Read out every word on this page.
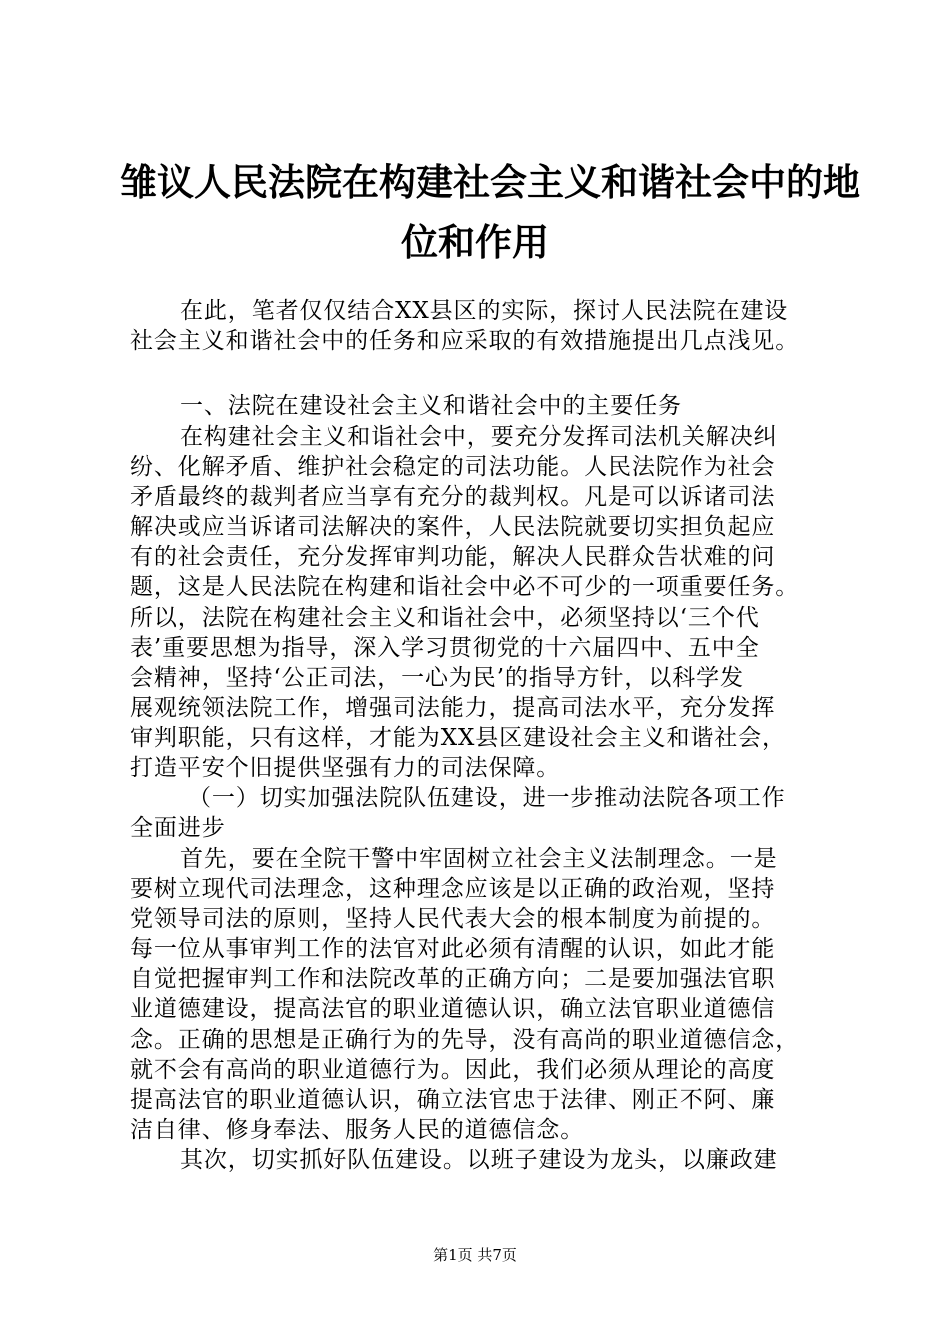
雏议人民法院在构建社会主义和谐社会中的地
位和作用
在此，笔者仅仅结合XX县区的实际，探讨人民法院在建设
社会主义和谐社会中的任务和应采取的有效措施提出几点浅见。
一、法院在建设社会主义和谐社会中的主要任务
在构建社会主义和诣社会中，要充分发挥司法机关解决纠
纷、化解矛盾、维护社会稳定的司法功能。人民法院作为社会
矛盾最终的裁判者应当享有充分的裁判权。凡是可以诉诸司法
解决或应当诉诸司法解决的案件，人民法院就要切实担负起应
有的社会责任，充分发挥审判功能，解决人民群众告状难的问
题，这是人民法院在构建和诣社会中必不可少的一项重要任务。
所以，法院在构建社会主义和诣社会中，必须坚持以‘三个代
表’重要思想为指导，深入学习贯彻党的十六届四中、五中全
会精神，坚持‘公正司法，一心为民’的指导方针，以科学发
展观统领法院工作，增强司法能力，提高司法水平，充分发挥
审判职能，只有这样，才能为XX县区建设社会主义和谐社会，
打造平安个旧提供坚强有力的司法保障。
（一）切实加强法院队伍建设，进一步推动法院各项工作
全面进步
首先，要在全院干警中牢固树立社会主义法制理念。一是
要树立现代司法理念，这种理念应该是以正确的政治观，坚持
党领导司法的原则，坚持人民代表大会的根本制度为前提的。
每一位从事审判工作的法官对此必须有清醒的认识，如此才能
自觉把握审判工作和法院改革的正确方向；二是要加强法官职
业道德建设，提高法官的职业道德认识，确立法官职业道德信
念。正确的思想是正确行为的先导，没有高尚的职业道德信念，
就不会有高尚的职业道德行为。因此，我们必须从理论的高度
提高法官的职业道德认识，确立法官忠于法律、刚正不阿、廉
洁自律、修身奉法、服务人民的道德信念。
其次，切实抓好队伍建设。以班子建设为龙头，以廉政建
第1页 共7页
